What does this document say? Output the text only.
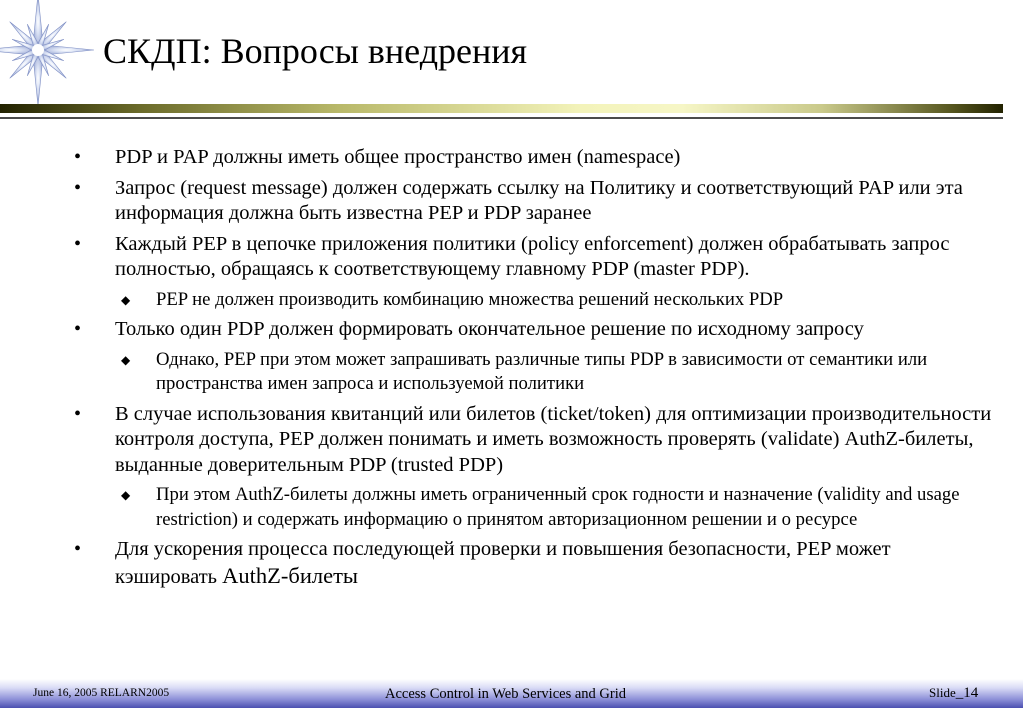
СКДП: Вопросы внедрения
• PDP и PAP должны иметь общее пространство имен (namespace)
• Запрос (request message) должен содержать ссылку на Политику и соответствующий PAP или эта информация должна быть известна PEP и PDP заранее
• Каждый PEP в цепочке приложения политики (policy enforcement) должен обрабатывать запрос полностью, обращаясь к соответствующему главному PDP (master PDP).
◆ PEP не должен производить комбинацию множества решений нескольких PDP
• Только один PDP должен формировать окончательное решение по исходному запросу
◆ Однако, PEP при этом может запрашивать различные типы PDP в зависимости от семантики или пространства имен запроса и используемой политики
• В случае использования квитанций или билетов (ticket/token) для оптимизации производительности контроля доступа, PEP должен понимать и иметь возможность проверять (validate) AuthZ-билеты, выданные доверительным PDP (trusted PDP)
◆ При этом AuthZ-билеты должны иметь ограниченный срок годности и назначение (validity and usage restriction) и содержать информацию о принятом авторизационном решении и о ресурсе
• Для ускорения процесса последующей проверки и повышения безопасности, PEP может кэшировать AuthZ-билеты
June 16, 2005 RELARN2005	Access Control in Web Services and Grid	Slide_14
